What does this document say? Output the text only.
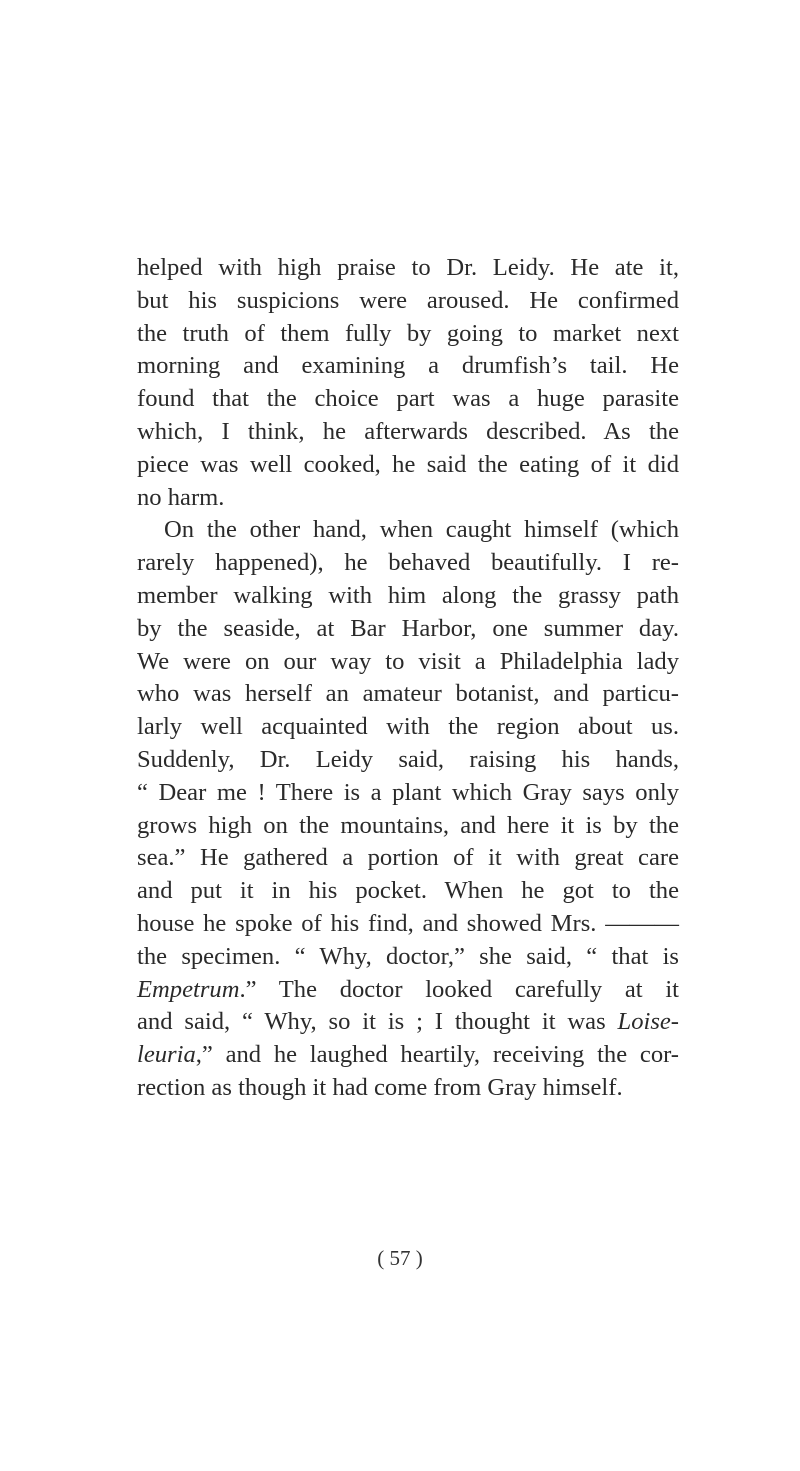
helped with high praise to Dr. Leidy. He ate it,
but his suspicions were aroused. He confirmed
the truth of them fully by going to market next
morning and examining a drumfish’s tail. He
found that the choice part was a huge parasite
which, I think, he afterwards described. As the
piece was well cooked, he said the eating of it did
no harm.
On the other hand, when caught himself (which
rarely happened), he behaved beautifully. I re-
member walking with him along the grassy path
by the seaside, at Bar Harbor, one summer day.
We were on our way to visit a Philadelphia lady
who was herself an amateur botanist, and particu-
larly well acquainted with the region about us.
Suddenly, Dr. Leidy said, raising his hands,
“ Dear me ! There is a plant which Gray says only
grows high on the mountains, and here it is by the
sea.” He gathered a portion of it with great care
and put it in his pocket. When he got to the
house he spoke of his find, and showed Mrs. ———
the specimen. “ Why, doctor,” she said, “ that is
Empetrum.” The doctor looked carefully at it
and said, “ Why, so it is ; I thought it was Loise-
leuria,” and he laughed heartily, receiving the cor-
rection as though it had come from Gray himself.
( 57 )
